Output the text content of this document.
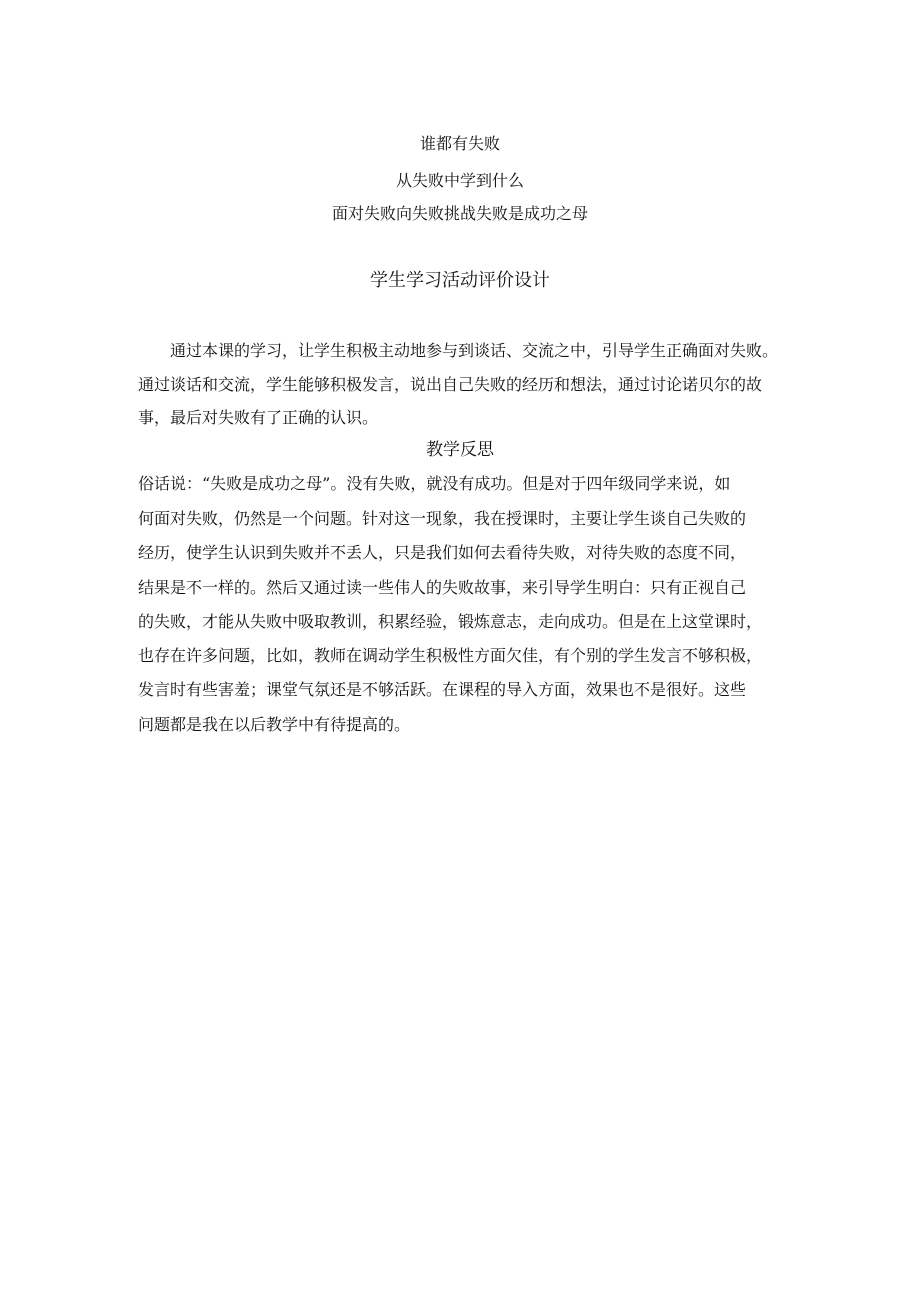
谁都有失败
从失败中学到什么
面对失败向失败挑战失败是成功之母
学生学习活动评价设计
通过本课的学习，让学生积极主动地参与到谈话、交流之中，引导学生正确面对失败。
通过谈话和交流，学生能够积极发言，说出自己失败的经历和想法，通过讨论诺贝尔的故
事，最后对失败有了正确的认识。
教学反思
俗话说：“失败是成功之母”。没有失败，就没有成功。但是对于四年级同学来说，如
何面对失败，仍然是一个问题。针对这一现象，我在授课时，主要让学生谈自己失败的
经历，使学生认识到失败并不丢人，只是我们如何去看待失败，对待失败的态度不同，
结果是不一样的。然后又通过读一些伟人的失败故事，来引导学生明白：只有正视自己
的失败，才能从失败中吸取教训，积累经验，锻炼意志，走向成功。但是在上这堂课时，
也存在许多问题，比如，教师在调动学生积极性方面欠佳，有个别的学生发言不够积极，
发言时有些害羞；课堂气氛还是不够活跃。在课程的导入方面，效果也不是很好。这些
问题都是我在以后教学中有待提高的。
